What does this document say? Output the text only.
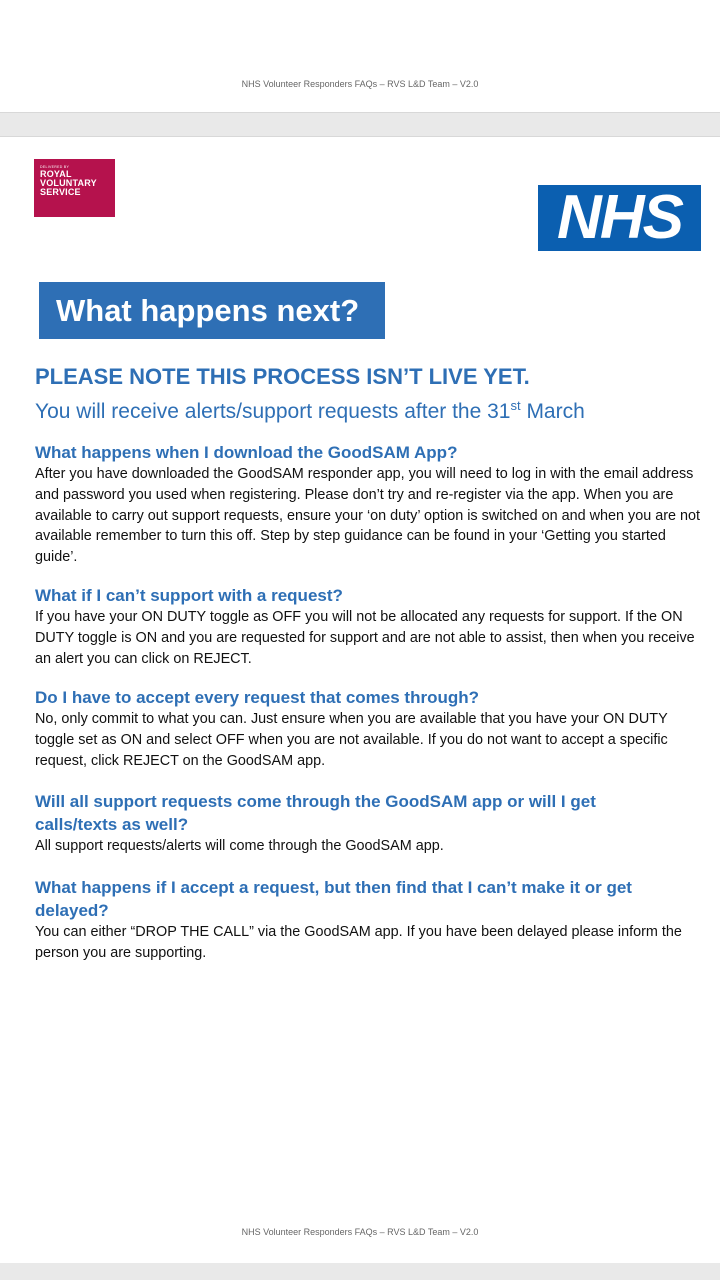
NHS Volunteer Responders FAQs – RVS L&D Team – V2.0
DELIVERED BY
ROYAL
VOLUNTARY
SERVICE	NHS
What happens next?
PLEASE NOTE THIS PROCESS ISN’T LIVE YET.
You will receive alerts/support requests after the 31st March
What happens when I download the GoodSAM App?

After you have downloaded the GoodSAM responder app, you will need to log in with the email address and password you used when registering. Please don’t try and re-register via the app. When you are available to carry out support requests, ensure your ‘on duty’ option is switched on and when you are not available remember to turn this off. Step by step guidance can be found in your ‘Getting you started guide’.

What if I can’t support with a request?

If you have your ON DUTY toggle as OFF you will not be allocated any requests for support. If the ON DUTY toggle is ON and you are requested for support and are not able to assist, then when you receive an alert you can click on REJECT.

Do I have to accept every request that comes through?

No, only commit to what you can. Just ensure when you are available that you have your ON DUTY toggle set as ON and select OFF when you are not available. If you do not want to accept a specific request, click REJECT on the GoodSAM app.

Will all support requests come through the GoodSAM app or will I get calls/texts as well?

All support requests/alerts will come through the GoodSAM app.

What happens if I accept a request, but then find that I can’t make it or get delayed?

You can either “DROP THE CALL” via the GoodSAM app. If you have been delayed please inform the person you are supporting.

NHS Volunteer Responders FAQs – RVS L&D Team – V2.0
